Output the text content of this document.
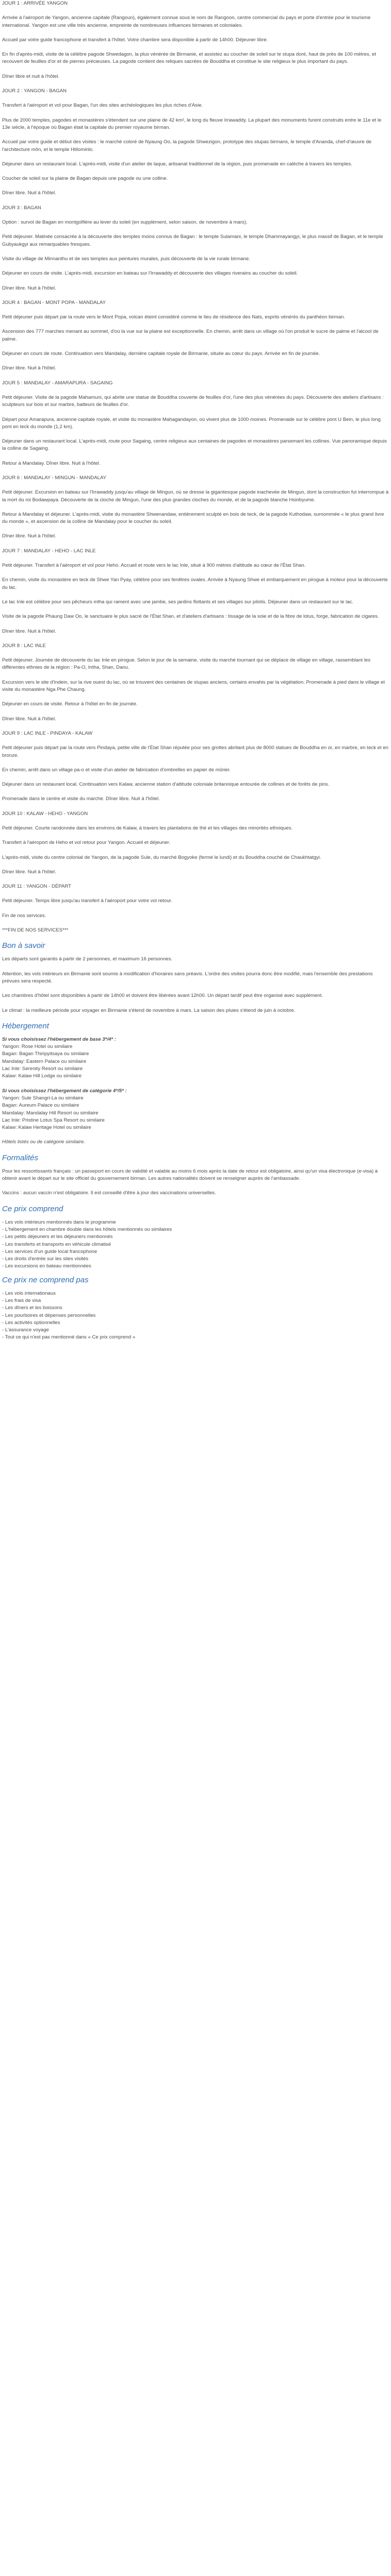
JOUR 1 : ARRIVÉE YANGON
Arrivée à l'aéroport de Yangon, ancienne capitale (Rangoun), également connue sous le nom de Rangoon, centre commercial du pays et porte d'entrée pour le tourisme international. Yangon est une ville très ancienne, empreinte de nombreuses influences birmanes et coloniales.
Accueil par votre guide francophone et transfert à l'hôtel. Votre chambre sera disponible à partir de 14h00. Déjeuner libre.
En fin d'après-midi, visite de la célèbre pagode Shwedagon, la plus vénérée de Birmanie, et assistez au coucher de soleil sur le stupa doré, haut de près de 100 mètres, et recouvert de feuilles d'or et de pierres précieuses. La pagode contient des reliques sacrées de Bouddha et constitue le site religieux le plus important du pays.
Dîner libre et nuit à l'hôtel.
JOUR 2 : YANGON - BAGAN
Transfert à l'aéroport et vol pour Bagan, l'un des sites archéologiques les plus riches d'Asie.
Plus de 2000 temples, pagodes et monastères s'étendent sur une plaine de 42 km², le long du fleuve Irrawaddy. La plupart des monuments furent construits entre le 11e et le 13e siècle, à l'époque où Bagan était la capitale du premier royaume birman.
Accueil par votre guide et début des visites : le marché coloré de Nyaung Oo, la pagode Shwezigon, prototype des stupas birmans, le temple d'Ananda, chef-d'œuvre de l'architecture môn, et le temple Htilominlo.
Déjeuner dans un restaurant local. L'après-midi, visite d'un atelier de laque, artisanat traditionnel de la région, puis promenade en calèche à travers les temples.
Coucher de soleil sur la plaine de Bagan depuis une pagode ou une colline.
Dîner libre. Nuit à l'hôtel.
JOUR 3 : BAGAN
Option : survol de Bagan en montgolfière au lever du soleil (en supplément, selon saison, de novembre à mars).
Petit déjeuner. Matinée consacrée à la découverte des temples moins connus de Bagan : le temple Sulamani, le temple Dhammayangyi, le plus massif de Bagan, et le temple Gubyaukgyi aux remarquables fresques.
Visite du village de Minnanthu et de ses temples aux peintures murales, puis découverte de la vie rurale birmane.
Déjeuner en cours de visite. L'après-midi, excursion en bateau sur l'Irrawaddy et découverte des villages riverains au coucher du soleil.
Dîner libre. Nuit à l'hôtel.
JOUR 4 : BAGAN - MONT POPA - MANDALAY
Petit déjeuner puis départ par la route vers le Mont Popa, volcan éteint considéré comme le lieu de résidence des Nats, esprits vénérés du panthéon birman.
Ascension des 777 marches menant au sommet, d'où la vue sur la plaine est exceptionnelle. En chemin, arrêt dans un village où l'on produit le sucre de palme et l'alcool de palme.
Déjeuner en cours de route. Continuation vers Mandalay, dernière capitale royale de Birmanie, située au cœur du pays. Arrivée en fin de journée.
Dîner libre. Nuit à l'hôtel.
JOUR 5 : MANDALAY - AMARAPURA - SAGAING
Petit déjeuner. Visite de la pagode Mahamuni, qui abrite une statue de Bouddha couverte de feuilles d'or, l'une des plus vénérées du pays. Découverte des ateliers d'artisans : sculpteurs sur bois et sur marbre, batteurs de feuilles d'or.
Départ pour Amarapura, ancienne capitale royale, et visite du monastère Mahagandayon, où vivent plus de 1000 moines. Promenade sur le célèbre pont U Bein, le plus long pont en teck du monde (1,2 km).
Déjeuner dans un restaurant local. L'après-midi, route pour Sagaing, centre religieux aux centaines de pagodes et monastères parsemant les collines. Vue panoramique depuis la colline de Sagaing.
Retour à Mandalay. Dîner libre. Nuit à l'hôtel.
JOUR 6 : MANDALAY - MINGUN - MANDALAY
Petit déjeuner. Excursion en bateau sur l'Irrawaddy jusqu'au village de Mingun, où se dresse la gigantesque pagode inachevée de Mingun, dont la construction fut interrompue à la mort du roi Bodawpaya. Découverte de la cloche de Mingun, l'une des plus grandes cloches du monde, et de la pagode blanche Hsinbyume.
Retour à Mandalay et déjeuner. L'après-midi, visite du monastère Shwenandaw, entièrement sculpté en bois de teck, de la pagode Kuthodaw, surnommée « le plus grand livre du monde », et ascension de la colline de Mandalay pour le coucher du soleil.
Dîner libre. Nuit à l'hôtel.
JOUR 7 : MANDALAY - HEHO - LAC INLE
Petit déjeuner. Transfert à l'aéroport et vol pour Heho. Accueil et route vers le lac Inle, situé à 900 mètres d'altitude au cœur de l'État Shan.
En chemin, visite du monastère en teck de Shwe Yan Pyay, célèbre pour ses fenêtres ovales. Arrivée à Nyaung Shwe et embarquement en pirogue à moteur pour la découverte du lac.
Le lac Inle est célèbre pour ses pêcheurs intha qui rament avec une jambe, ses jardins flottants et ses villages sur pilotis. Déjeuner dans un restaurant sur le lac.
Visite de la pagode Phaung Daw Oo, le sanctuaire le plus sacré de l'État Shan, et d'ateliers d'artisans : tissage de la soie et de la fibre de lotus, forge, fabrication de cigares.
Dîner libre. Nuit à l'hôtel.
JOUR 8 : LAC INLE
Petit déjeuner. Journée de découverte du lac Inle en pirogue. Selon le jour de la semaine, visite du marché tournant qui se déplace de village en village, rassemblant les différentes ethnies de la région : Pa-O, Intha, Shan, Danu.
Excursion vers le site d'Indein, sur la rive ouest du lac, où se trouvent des centaines de stupas anciens, certains envahis par la végétation. Promenade à pied dans le village et visite du monastère Nga Phe Chaung.
Déjeuner en cours de visite. Retour à l'hôtel en fin de journée.
Dîner libre. Nuit à l'hôtel.
JOUR 9 : LAC INLE - PINDAYA - KALAW
Petit déjeuner puis départ par la route vers Pindaya, petite ville de l'État Shan réputée pour ses grottes abritant plus de 8000 statues de Bouddha en or, en marbre, en teck et en bronze.
En chemin, arrêt dans un village pa-o et visite d'un atelier de fabrication d'ombrelles en papier de mûrier.
Déjeuner dans un restaurant local. Continuation vers Kalaw, ancienne station d'altitude coloniale britannique entourée de collines et de forêts de pins.
Promenade dans le centre et visite du marché. Dîner libre. Nuit à l'hôtel.
JOUR 10 : KALAW - HEHO - YANGON
Petit déjeuner. Courte randonnée dans les environs de Kalaw, à travers les plantations de thé et les villages des minorités ethniques.
Transfert à l'aéroport de Heho et vol retour pour Yangon. Accueil et déjeuner.
L'après-midi, visite du centre colonial de Yangon, de la pagode Sule, du marché Bogyoke (fermé le lundi) et du Bouddha couché de Chaukhtatgyi.
Dîner libre. Nuit à l'hôtel.
JOUR 11 : YANGON - DÉPART
Petit déjeuner. Temps libre jusqu'au transfert à l'aéroport pour votre vol retour.
Fin de nos services.
***FIN DE NOS SERVICES***
Bon à savoir
Les départs sont garantis à partir de 2 personnes, et maximum 16 personnes.
Attention, les vols intérieurs en Birmanie sont soumis à modification d'horaires sans préavis. L'ordre des visites pourra donc être modifié, mais l'ensemble des prestations prévues sera respecté.
Les chambres d'hôtel sont disponibles à partir de 14h00 et doivent être libérées avant 12h00. Un départ tardif peut être organisé avec supplément.
Le climat : la meilleure période pour voyager en Birmanie s'étend de novembre à mars. La saison des pluies s'étend de juin à octobre.
Hébergement
Si vous choisissez l'hébergement de base 3*/4* :
Yangon: Rose Hotel ou similaire
Bagan: Bagan Thiripyitsaya ou similaire
Mandalay: Eastern Palace ou similaire
Lac Inle: Serenity Resort ou similaire
Kalaw: Kalaw Hill Lodge ou similaire
Si vous choisissez l'hébergement de catégorie 4*/5* :
Yangon: Sule Shangri-La ou similaire
Bagan: Aureum Palace ou similaire
Mandalay: Mandalay Hill Resort ou similaire
Lac Inle: Pristine Lotus Spa Resort ou similaire
Kalaw: Kalaw Heritage Hotel ou similaire
Hôtels listés ou de catégorie similaire.
Formalités
Pour les ressortissants français : un passeport en cours de validité et valable au moins 6 mois après la date de retour est obligatoire, ainsi qu'un visa électronique (e-visa) à obtenir avant le départ sur le site officiel du gouvernement birman. Les autres nationalités doivent se renseigner auprès de l'ambassade.
Vaccins : aucun vaccin n'est obligatoire. Il est conseillé d'être à jour des vaccinations universelles.
Ce prix comprend
- Les vols intérieurs mentionnés dans le programme
- L'hébergement en chambre double dans les hôtels mentionnés ou similaires
- Les petits déjeuners et les déjeuners mentionnés
- Les transferts et transports en véhicule climatisé
- Les services d'un guide local francophone
- Les droits d'entrée sur les sites visités
- Les excursions en bateau mentionnées
Ce prix ne comprend pas
- Les vols internationaux
- Les frais de visa
- Les dîners et les boissons
- Les pourboires et dépenses personnelles
- Les activités optionnelles
- L'assurance voyage
- Tout ce qui n'est pas mentionné dans « Ce prix comprend »
